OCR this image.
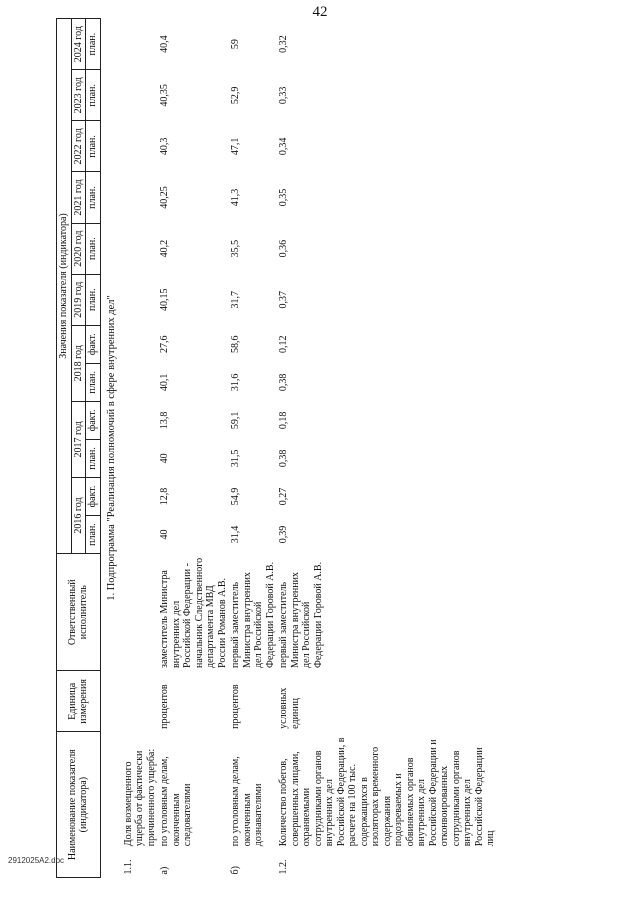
42
Наименование показателя (индикатора)		Единица измерения	Ответственный исполнитель	Значения показателя (индикатора)											
				2016 год		2017 год		2018 год		2019 год	2020 год	2021 год	2022 год	2023 год	2024 год
				план.	факт.	план.	факт.	план.	факт.	план.	план.	план.	план.	план.	план.
1. Подпрограмма "Реализация полномочий в сфере внутренних дел"															
1.1.	Доля возмещенного ущерба от фактически причиненного ущерба:														
а)	по уголовным делам, оконченным следователями	процентов	заместитель Министра внутренних дел Российской Федерации - начальник Следственного департамента МВД России Романов А.В.	40	12,8	40	13,8	40,1	27,6	40,15	40,2	40,25	40,3	40,35	40,4
б)	по уголовным делам, оконченным дознавателями	процентов	первый заместитель Министра внутренних дел Российской Федерации Горовой А.В.	31,4	54,9	31,5	59,1	31,6	58,6	31,7	35,5	41,3	47,1	52,9	59
1.2.	Количество побегов, совершенных лицами, охраняемыми сотрудниками органов внутренних дел Российской Федерации, в расчете на 100 тыс. содержащихся в изоляторах временного содержания подозреваемых и обвиняемых органов внутренних дел Российской Федерации и отконвоированных сотрудниками органов внутренних дел Российской Федерации лиц	условных единиц	первый заместитель Министра внутренних дел Российской Федерации Горовой А.В.	0,39	0,27	0,38	0,18	0,38	0,12	0,37	0,36	0,35	0,34	0,33	0,32
2912025A2.doc
